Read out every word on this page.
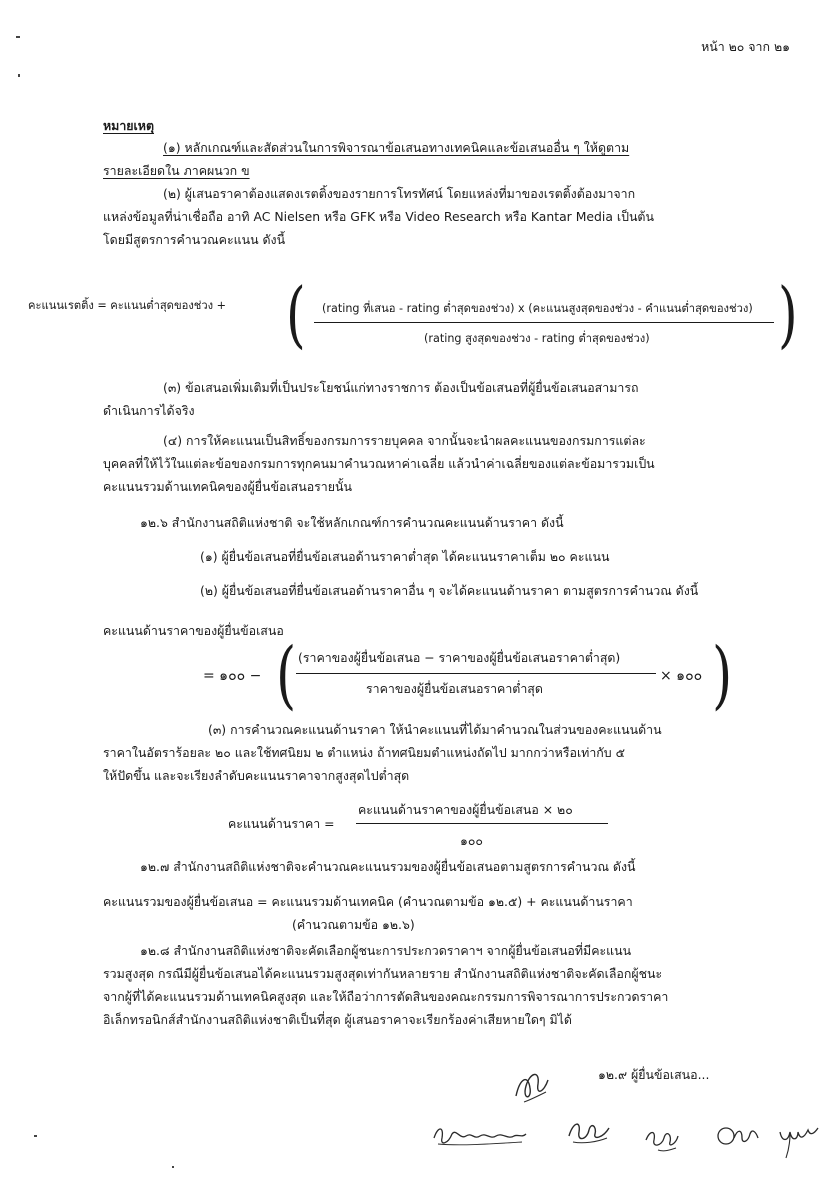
หน้า ๒๐ จาก ๒๑
หมายเหตุ
(๑) หลักเกณฑ์และสัดส่วนในการพิจารณาข้อเสนอทางเทคนิคและข้อเสนออื่น ๆ ให้ดูตาม
รายละเอียดใน ภาคผนวก ข
(๒) ผู้เสนอราคาต้องแสดงเรตติ้งของรายการโทรทัศน์ โดยแหล่งที่มาของเรตติ้งต้องมาจาก
แหล่งข้อมูลที่น่าเชื่อถือ อาทิ AC Nielsen หรือ GFK หรือ Video Research หรือ Kantar Media เป็นต้น
โดยมีสูตรการคำนวณคะแนน ดังนี้
คะแนนเรตติ้ง = คะแนนต่ำสุดของช่วง + ( (rating ที่เสนอ - rating ต่ำสุดของช่วง) x (คะแนนสูงสุดของช่วง - คำแนนต่ำสุดของช่วง)
(rating สูงสุดของช่วง - rating ต่ำสุดของช่วง) )
(๓) ข้อเสนอเพิ่มเติมที่เป็นประโยชน์แก่ทางราชการ ต้องเป็นข้อเสนอที่ผู้ยื่นข้อเสนอสามารถ
ดำเนินการได้จริง
(๔) การให้คะแนนเป็นสิทธิ์ของกรมการรายบุคคล จากนั้นจะนำผลคะแนนของกรมการแต่ละ
บุคคลที่ให้ไว้ในแต่ละข้อของกรมการทุกคนมาคำนวณหาค่าเฉลี่ย แล้วนำค่าเฉลี่ยของแต่ละข้อมารวมเป็น
คะแนนรวมด้านเทคนิคของผู้ยื่นข้อเสนอรายนั้น
๑๒.๖ สำนักงานสถิติแห่งชาติ จะใช้หลักเกณฑ์การคำนวณคะแนนด้านราคา ดังนี้
(๑) ผู้ยื่นข้อเสนอที่ยื่นข้อเสนอด้านราคาต่ำสุด ได้คะแนนราคาเต็ม ๒๐ คะแนน
(๒) ผู้ยื่นข้อเสนอที่ยื่นข้อเสนอด้านราคาอื่น ๆ จะได้คะแนนด้านราคา ตามสูตรการคำนวณ ดังนี้
คะแนนด้านราคาของผู้ยื่นข้อเสนอ
= ๑๐๐ − ( (ราคาของผู้ยื่นข้อเสนอ − ราคาของผู้ยื่นข้อเสนอราคาต่ำสุด)
ราคาของผู้ยื่นข้อเสนอราคาต่ำสุด
× ๑๐๐ )
(๓) การคำนวณคะแนนด้านราคา ให้นำคะแนนที่ได้มาคำนวณในส่วนของคะแนนด้าน
ราคาในอัตราร้อยละ ๒๐ และใช้ทศนิยม ๒ ตำแหน่ง ถ้าทศนิยมตำแหน่งถัดไป มากกว่าหรือเท่ากับ ๕
ให้ปัดขึ้น และจะเรียงลำดับคะแนนราคาจากสูงสุดไปต่ำสุด
คะแนนด้านราคา =
คะแนนด้านราคาของผู้ยื่นข้อเสนอ × ๒๐
๑๐๐
๑๒.๗ สำนักงานสถิติแห่งชาติจะคำนวณคะแนนรวมของผู้ยื่นข้อเสนอตามสูตรการคำนวณ ดังนี้
คะแนนรวมของผู้ยื่นข้อเสนอ = คะแนนรวมด้านเทคนิค (คำนวณตามข้อ ๑๒.๕) + คะแนนด้านราคา
(คำนวณตามข้อ ๑๒.๖)
๑๒.๘ สำนักงานสถิติแห่งชาติจะคัดเลือกผู้ชนะการประกวดราคาฯ จากผู้ยื่นข้อเสนอที่มีคะแนน
รวมสูงสุด กรณีมีผู้ยื่นข้อเสนอได้คะแนนรวมสูงสุดเท่ากันหลายราย สำนักงานสถิติแห่งชาติจะคัดเลือกผู้ชนะ
จากผู้ที่ได้คะแนนรวมด้านเทคนิคสูงสุด และให้ถือว่าการตัดสินของคณะกรรมการพิจารณาการประกวดราคา
อิเล็กทรอนิกส์สำนักงานสถิติแห่งชาติเป็นที่สุด ผู้เสนอราคาจะเรียกร้องค่าเสียหายใดๆ มิได้
๑๒.๙ ผู้ยื่นข้อเสนอ...
